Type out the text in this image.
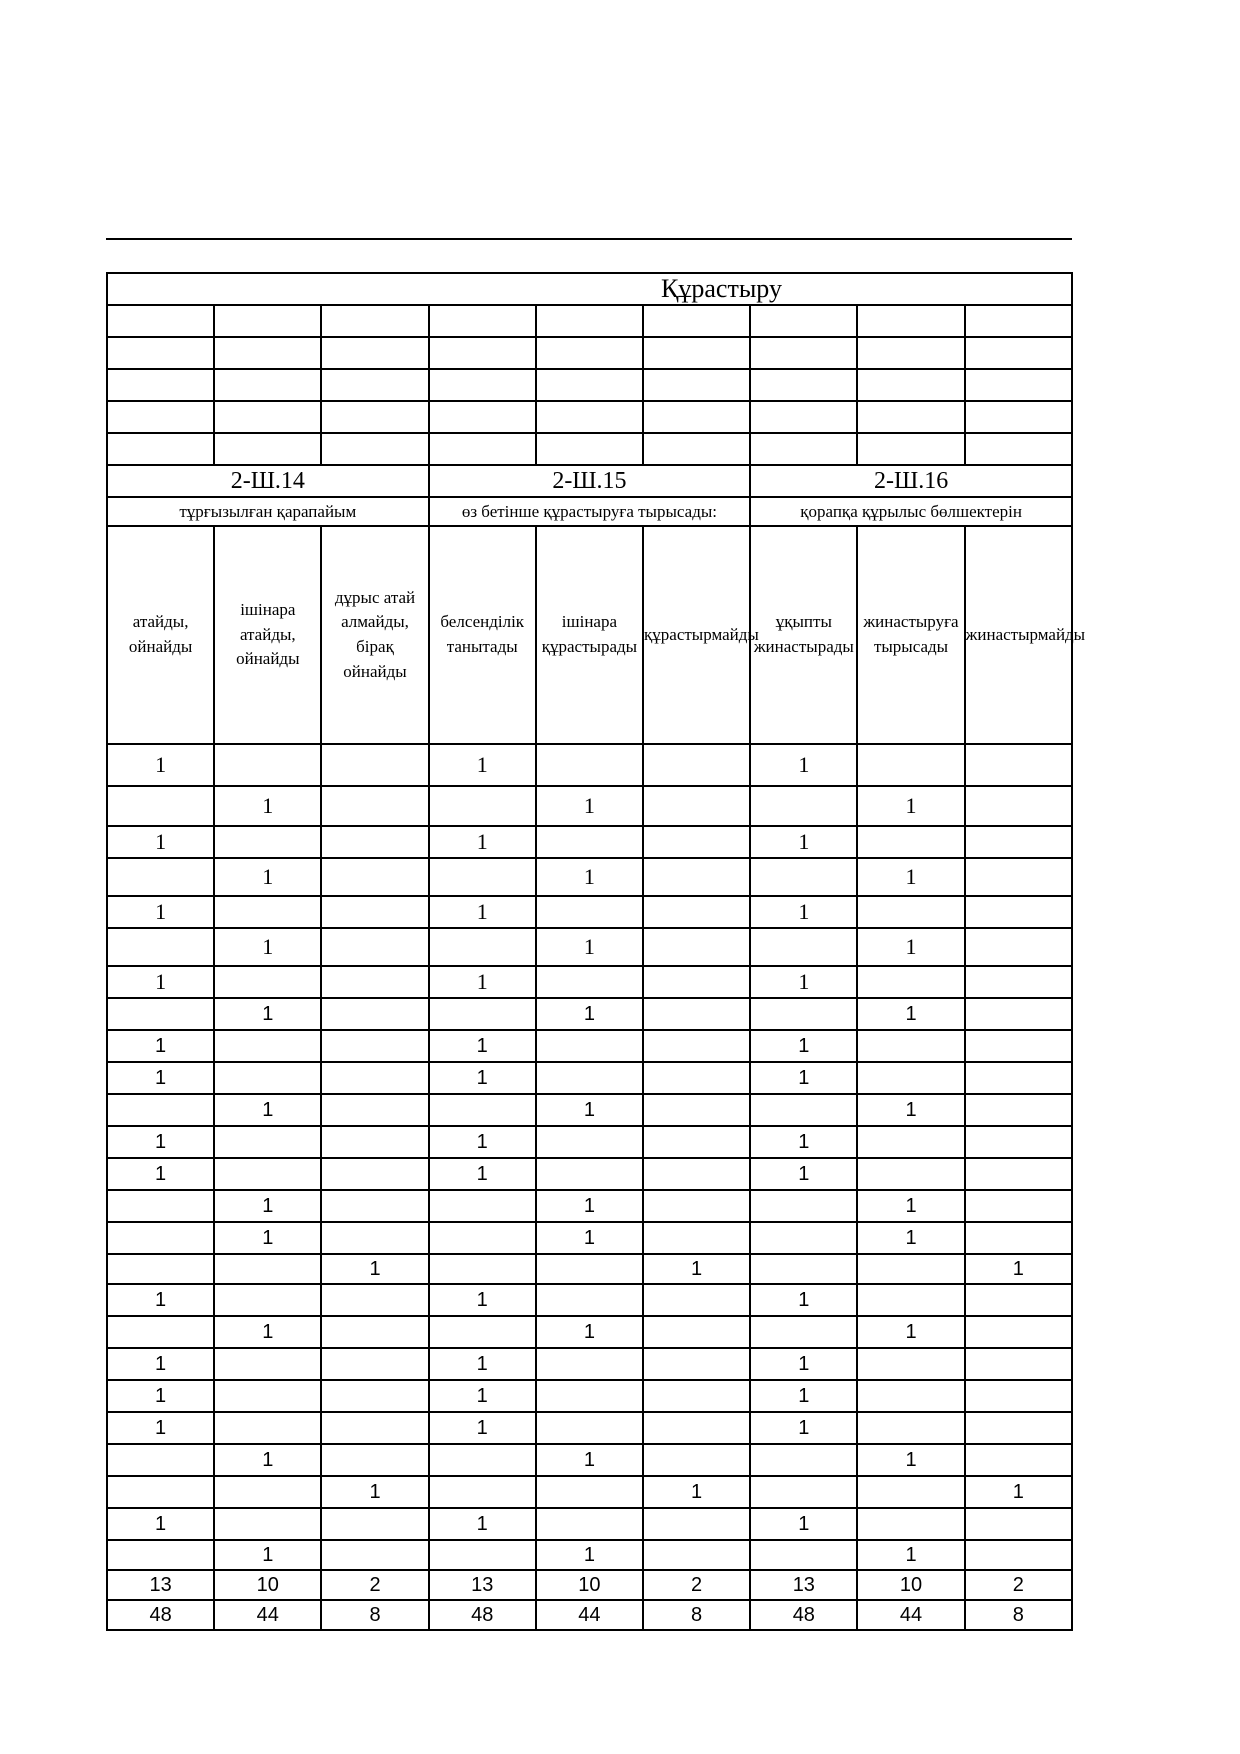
Құрастыру								

2-Ш.14			2-Ш.15			2-Ш.16		
тұрғызылған қарапайым			өз бетінше құрастыруға тырысады:			қорапқа құрылыс бөлшектерін		
атайды, ойнайды	ішінара атайды, ойнайды	дұрыс атай алмайды, бірақ ойнайды	белсенділік танытады	ішінара құрастырады	құрастырмайды	ұқыпты жинастырады	жинастыруға тырысады	жинастырмайды
1			1			1		
	1			1			1	
1			1			1		
	1			1			1	
1			1			1		
	1			1			1	
1			1			1		
	1			1			1	
1			1			1		
1			1			1		
	1			1			1	
1			1			1		
1			1			1		
	1			1			1	
	1			1			1	
		1			1			1
1			1			1		
	1			1			1	
1			1			1		
1			1			1		
1			1			1		
	1			1			1	
		1			1			1
1			1			1		
	1			1			1	
13	10	2	13	10	2	13	10	2
48	44	8	48	44	8	48	44	8
